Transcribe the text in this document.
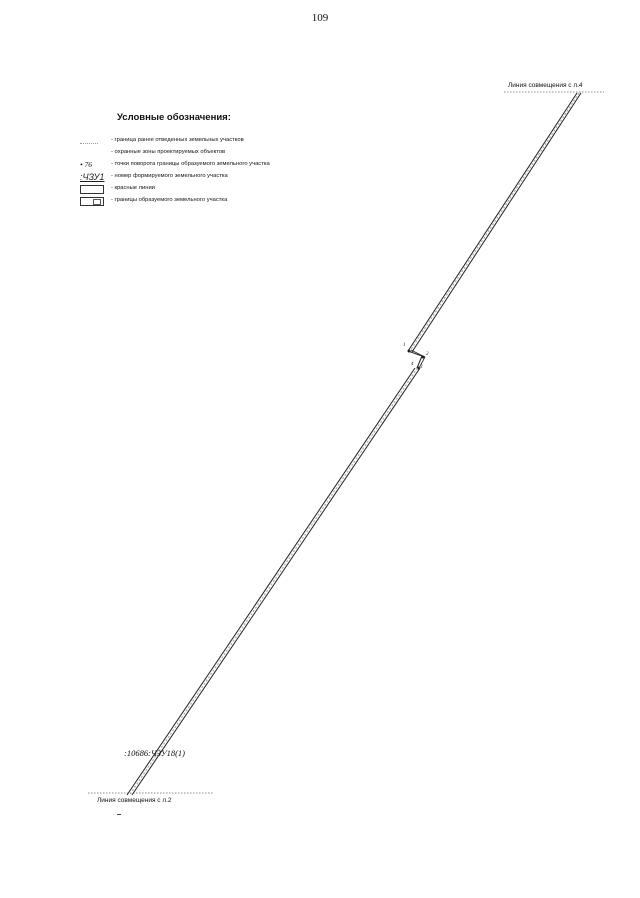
109
Условные обозначения:
- граница ранее отведенных земельных участков
- охранные зоны проектируемых объектов
• 76	- точки поворота границы образуемого земельного участка
:ЧЗУ1	- номер формируемого земельного участка
- красные линии
- границы образуемого земельного участка
1
2
3
4
Линия совмещения с л.4
Линия совмещения с л.2
:10686:ЧЗУ18(1)
